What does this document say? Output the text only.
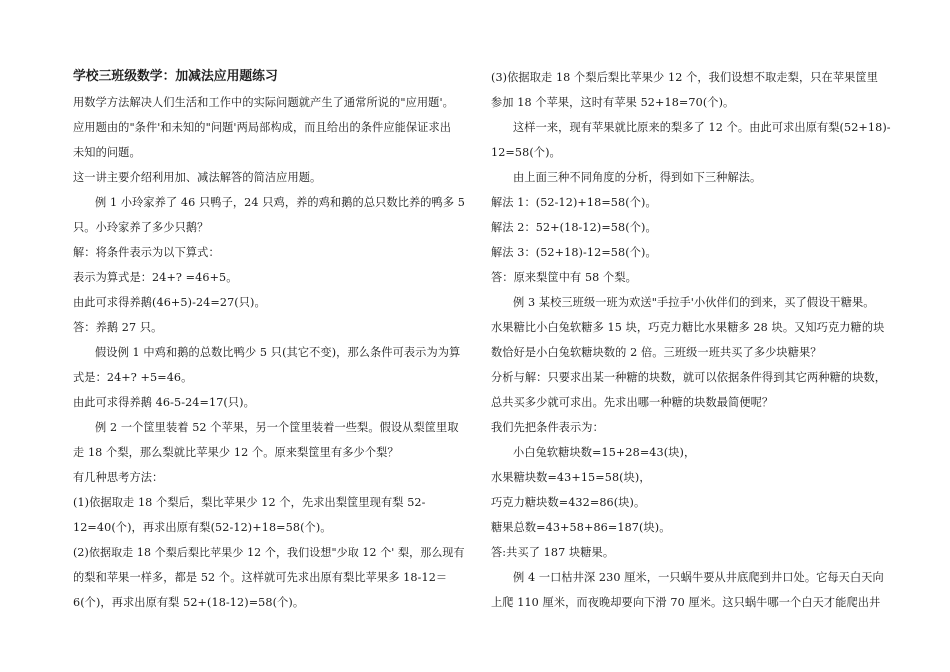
学校三班级数学：加减法应用题练习
用数学方法解决人们生活和工作中的实际问题就产生了通常所说的"应用题'。
应用题由的"条件'和未知的"问题'两局部构成，而且给出的条件应能保证求出
未知的问题。
这一讲主要介绍利用加、减法解答的简洁应用题。
例 1 小玲家养了 46 只鸭子，24 只鸡，养的鸡和鹅的总只数比养的鸭多 5
只。小玲家养了多少只鹅？
解：将条件表示为以下算式：
表示为算式是：24+? =46+5。
由此可求得养鹅(46+5)-24=27(只)。
答：养鹅 27 只。
假设例 1 中鸡和鹅的总数比鸭少 5 只(其它不变)，那么条件可表示为为算
式是：24+? +5=46。
由此可求得养鹅 46-5-24=17(只)。
例 2 一个筐里装着 52 个苹果，另一个筐里装着一些梨。假设从梨筐里取
走 18 个梨，那么梨就比苹果少 12 个。原来梨筐里有多少个梨？
有几种思考方法：
(1)依据取走 18 个梨后，梨比苹果少 12 个，先求出梨筐里现有梨 52-
12=40(个)，再求出原有梨(52-12)+18=58(个)。
(2)依据取走 18 个梨后梨比苹果少 12 个，我们设想"少取 12 个' 梨，那么现有
的梨和苹果一样多，都是 52 个。这样就可先求出原有梨比苹果多 18-12＝
6(个)，再求出原有梨 52+(18-12)=58(个)。
(3)依据取走 18 个梨后梨比苹果少 12 个，我们设想不取走梨，只在苹果筐里
参加 18 个苹果，这时有苹果 52+18=70(个)。
这样一来，现有苹果就比原来的梨多了 12 个。由此可求出原有梨(52+18)-
12=58(个)。
由上面三种不同角度的分析，得到如下三种解法。
解法 1：(52-12)+18=58(个)。
解法 2：52+(18-12)=58(个)。
解法 3：(52+18)-12=58(个)。
答：原来梨筐中有 58 个梨。
例 3 某校三班级一班为欢送"手拉手'小伙伴们的到来，买了假设干糖果。
水果糖比小白兔软糖多 15 块，巧克力糖比水果糖多 28 块。又知巧克力糖的块
数恰好是小白兔软糖块数的 2 倍。三班级一班共买了多少块糖果？
分析与解：只要求出某一种糖的块数，就可以依据条件得到其它两种糖的块数，
总共买多少就可求出。先求出哪一种糖的块数最简便呢？
我们先把条件表示为：
小白兔软糖块数=15+28=43(块)，
水果糖块数=43+15=58(块)，
巧克力糖块数=432=86(块)。
糖果总数=43+58+86=187(块)。
答:共买了 187 块糖果。
例 4 一口枯井深 230 厘米，一只蜗牛要从井底爬到井口处。它每天白天向
上爬 110 厘米，而夜晚却要向下滑 70 厘米。这只蜗牛哪一个白天才能爬出井
